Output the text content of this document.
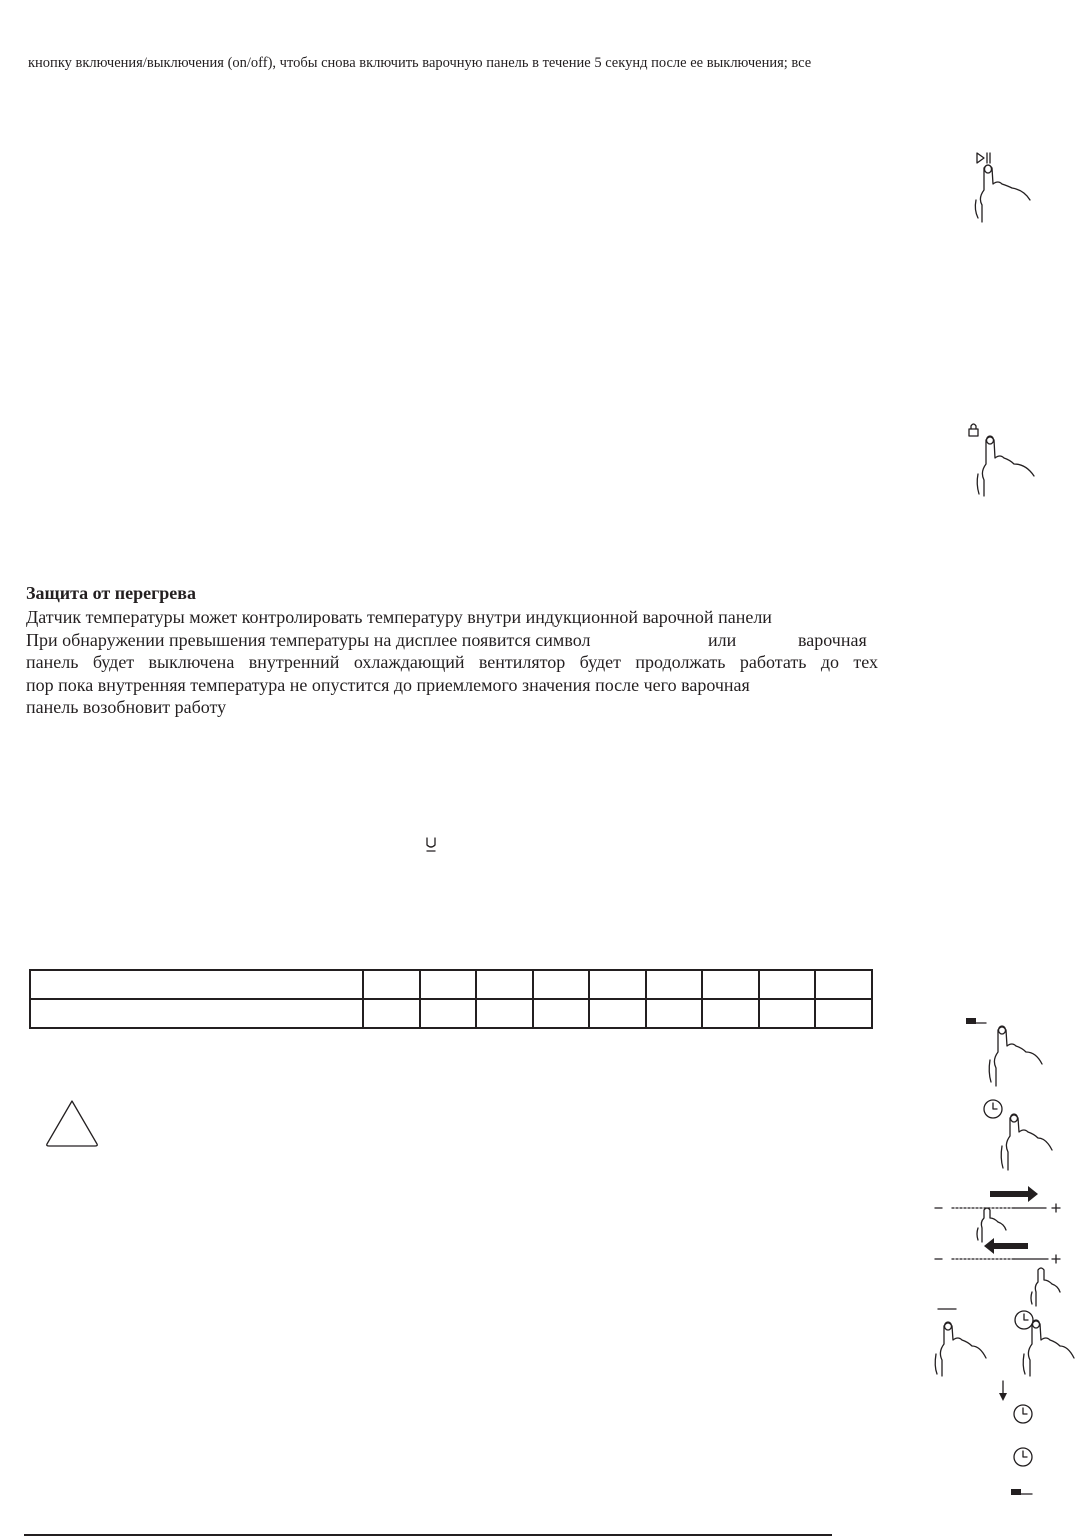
кнопку включения/выключения (on/off), чтобы снова включить варочную панель в течение 5 секунд после ее выключения; все
Защита от перегрева
Датчик температуры может контролировать температуру внутри индукционной варочной панели
При обнаружении превышения температуры на дисплее появится символ	или	варочная
панель будет выключена внутренний охлаждающий вентилятор будет продолжать работать до тех
пор пока внутренняя температура не опустится до приемлемого значения после чего варочная
панель возобновит работу
